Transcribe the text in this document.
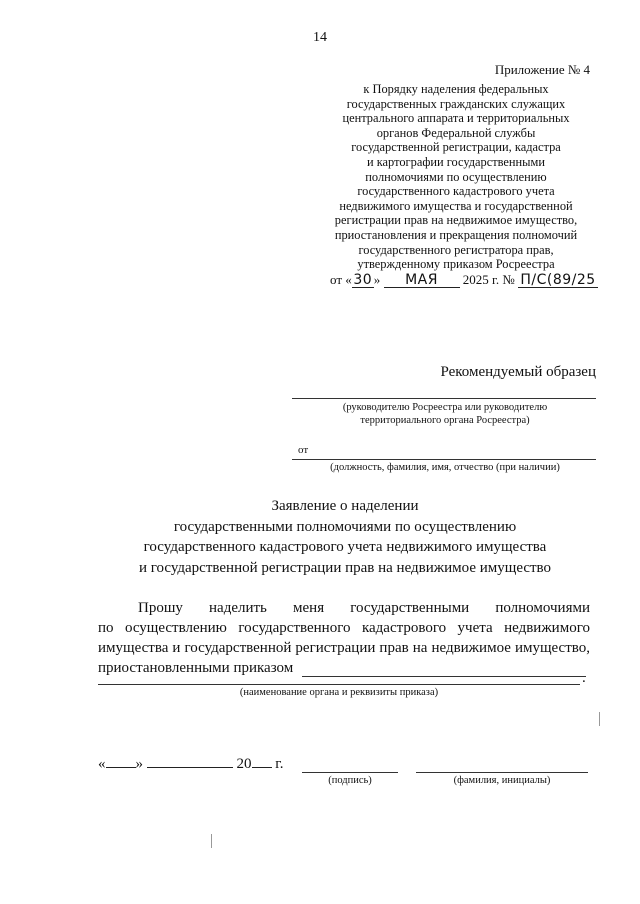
14
Приложение № 4
к Порядку наделения федеральных
государственных гражданских служащих
центрального аппарата и территориальных
органов Федеральной службы
государственной регистрации, кадастра
и картографии государственными
полномочиями по осуществлению
государственного кадастрового учета
недвижимого имущества и государственной
регистрации прав на недвижимое имущество,
приостановления и прекращения полномочий
государственного регистратора прав,
утвержденному приказом Росреестра
от « 30 » МАЯ 2025 г. № П/С(89/25
Рекомендуемый образец
(руководителю Росреестра или руководителю
территориального органа Росреестра)
от
(должность, фамилия, имя, отчество (при наличии)
Заявление о наделении
государственными полномочиями по осуществлению
государственного кадастрового учета недвижимого имущества
и государственной регистрации прав на недвижимое имущество
Прошу наделить меня государственными полномочиями
по осуществлению государственного кадастрового учета недвижимого
имущества и государственной регистрации прав на недвижимое имущество,
приостановленными приказом
.
(наименование органа и реквизиты приказа)
« »	20 г.
(подпись)	(фамилия, инициалы)
